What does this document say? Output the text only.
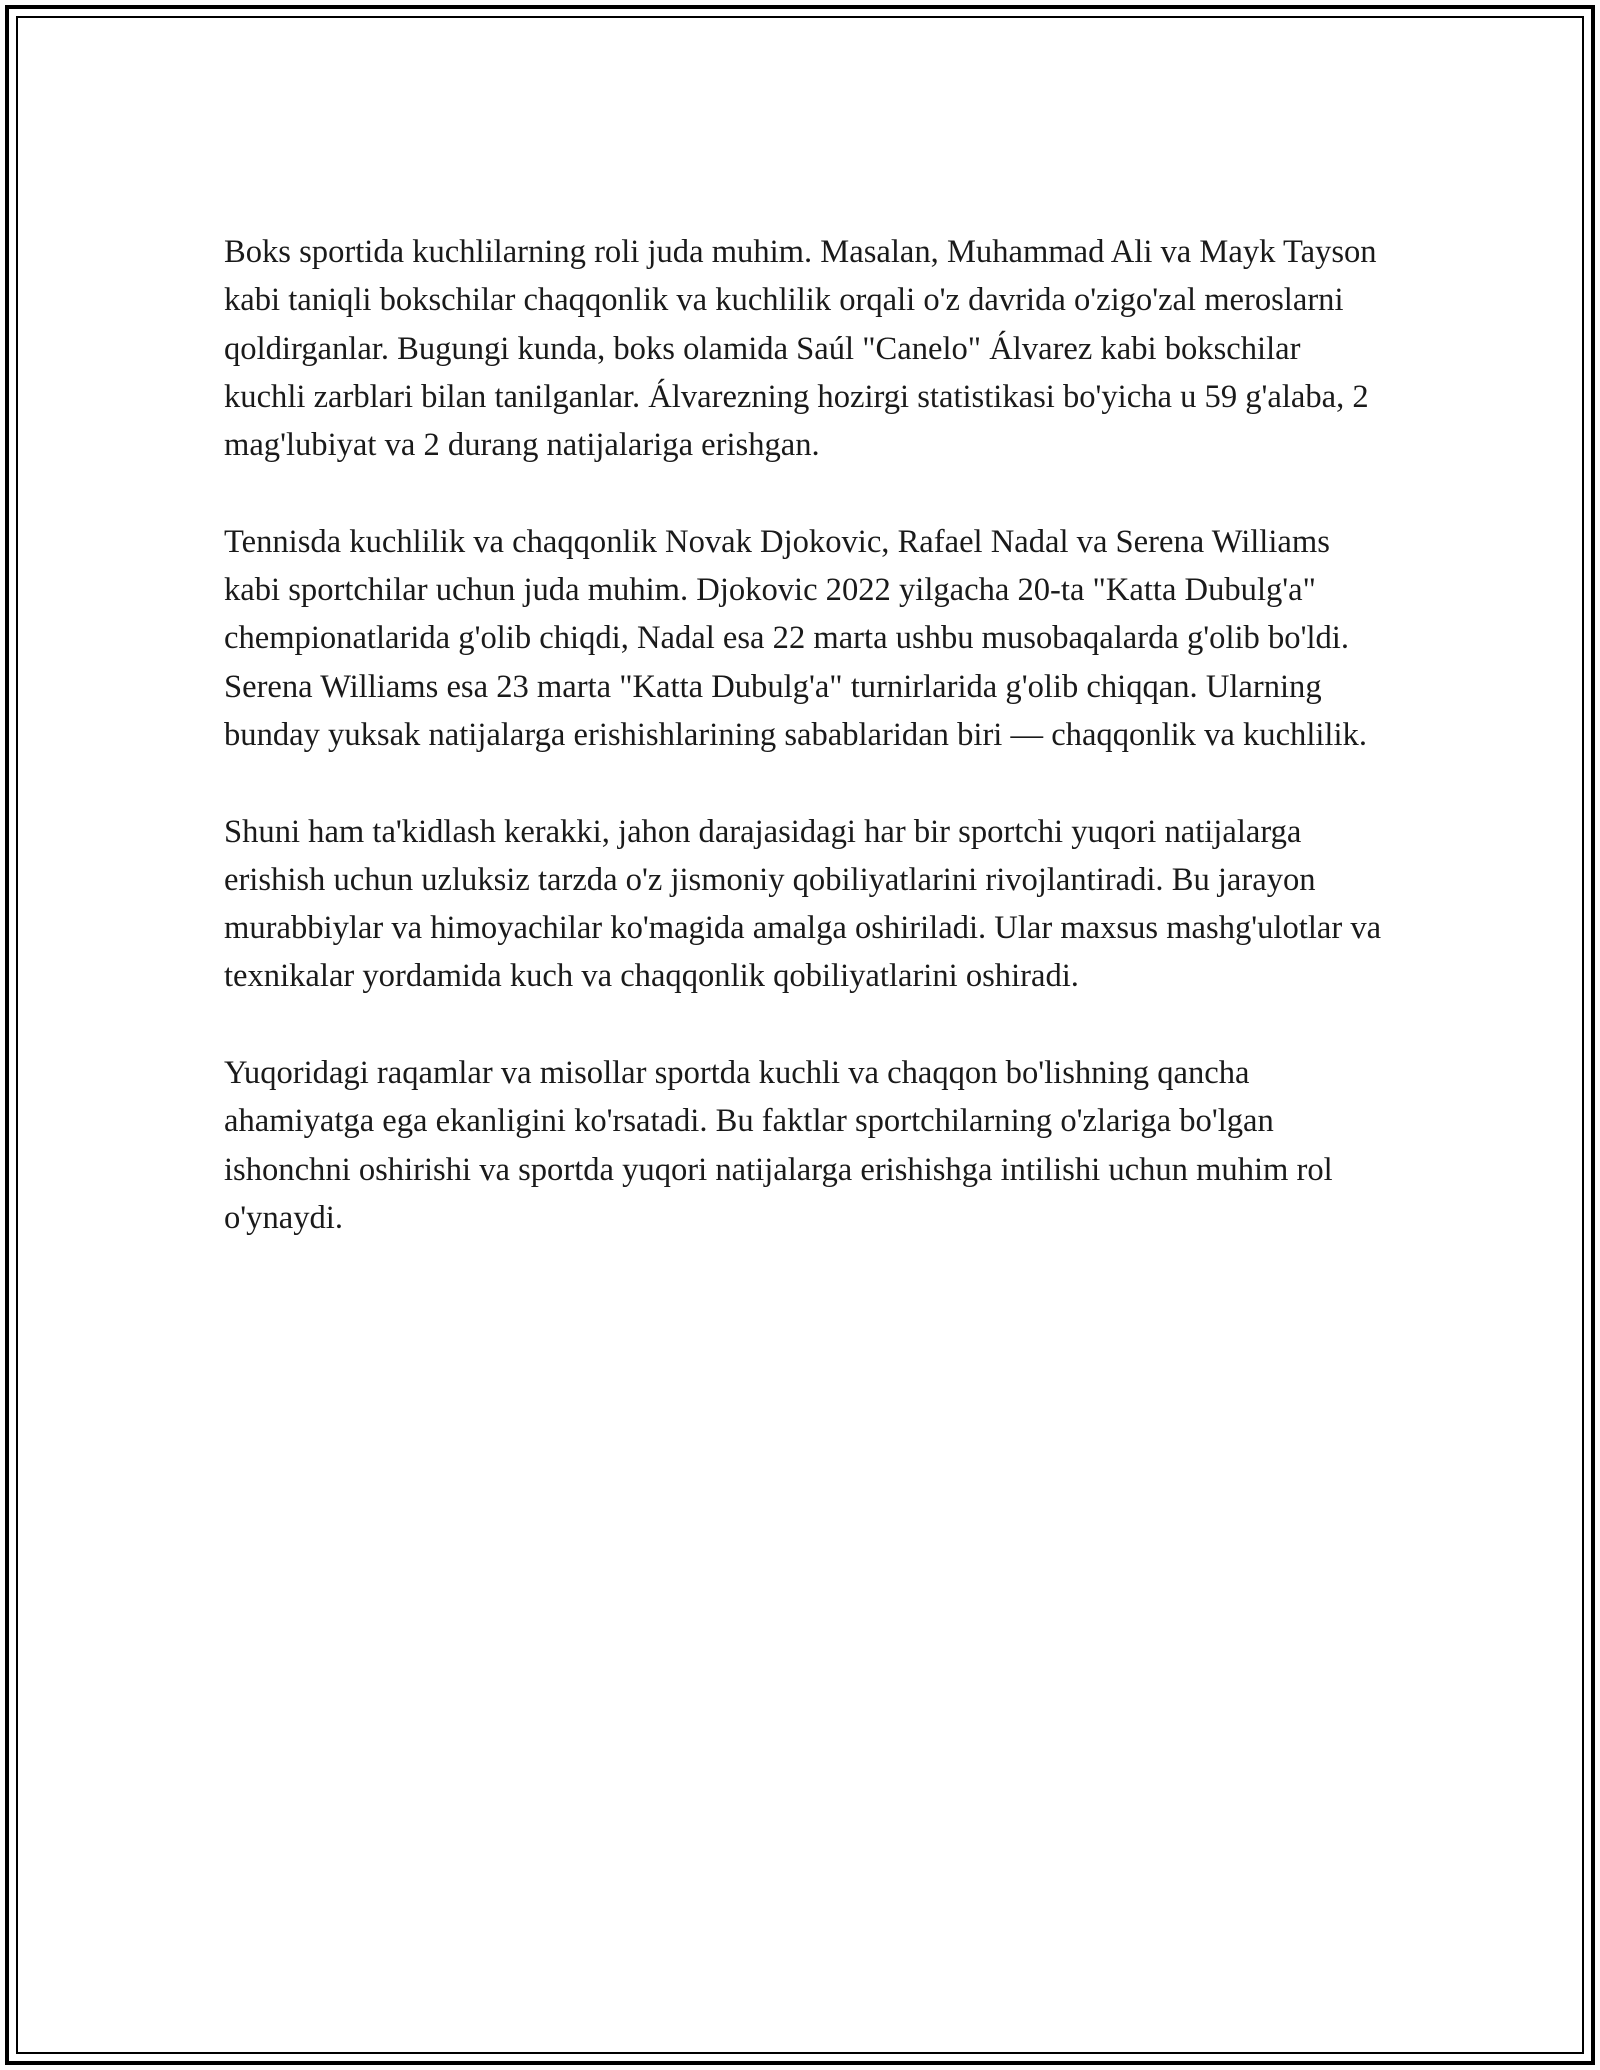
Boks sportida kuchlilarning roli juda muhim. Masalan, Muhammad Ali va Mayk Tayson kabi taniqli bokschilar chaqqonlik va kuchlilik orqali o'z davrida o'zigo'zal meroslarni qoldirganlar. Bugungi kunda, boks olamida Saúl "Canelo" Álvarez kabi bokschilar kuchli zarblari bilan tanilganlar. Álvarezning hozirgi statistikasi bo'yicha u 59 g'alaba, 2 mag'lubiyat va 2 durang natijalariga erishgan.

Tennisda kuchlilik va chaqqonlik Novak Djokovic, Rafael Nadal va Serena Williams kabi sportchilar uchun juda muhim. Djokovic 2022 yilgacha 20-ta "Katta Dubulg'a" chempionatlarida g'olib chiqdi, Nadal esa 22 marta ushbu musobaqalarda g'olib bo'ldi. Serena Williams esa 23 marta "Katta Dubulg'a" turnirlarida g'olib chiqqan. Ularning bunday yuksak natijalarga erishishlarining sabablaridan biri — chaqqonlik va kuchlilik.

Shuni ham ta'kidlash kerakki, jahon darajasidagi har bir sportchi yuqori natijalarga erishish uchun uzluksiz tarzda o'z jismoniy qobiliyatlarini rivojlantiradi. Bu jarayon murabbiylar va himoyachilar ko'magida amalga oshiriladi. Ular maxsus mashg'ulotlar va texnikalar yordamida kuch va chaqqonlik qobiliyatlarini oshiradi.

Yuqoridagi raqamlar va misollar sportda kuchli va chaqqon bo'lishning qancha ahamiyatga ega ekanligini ko'rsatadi. Bu faktlar sportchilarning o'zlariga bo'lgan ishonchni oshirishi va sportda yuqori natijalarga erishishga intilishi uchun muhim rol o'ynaydi.
